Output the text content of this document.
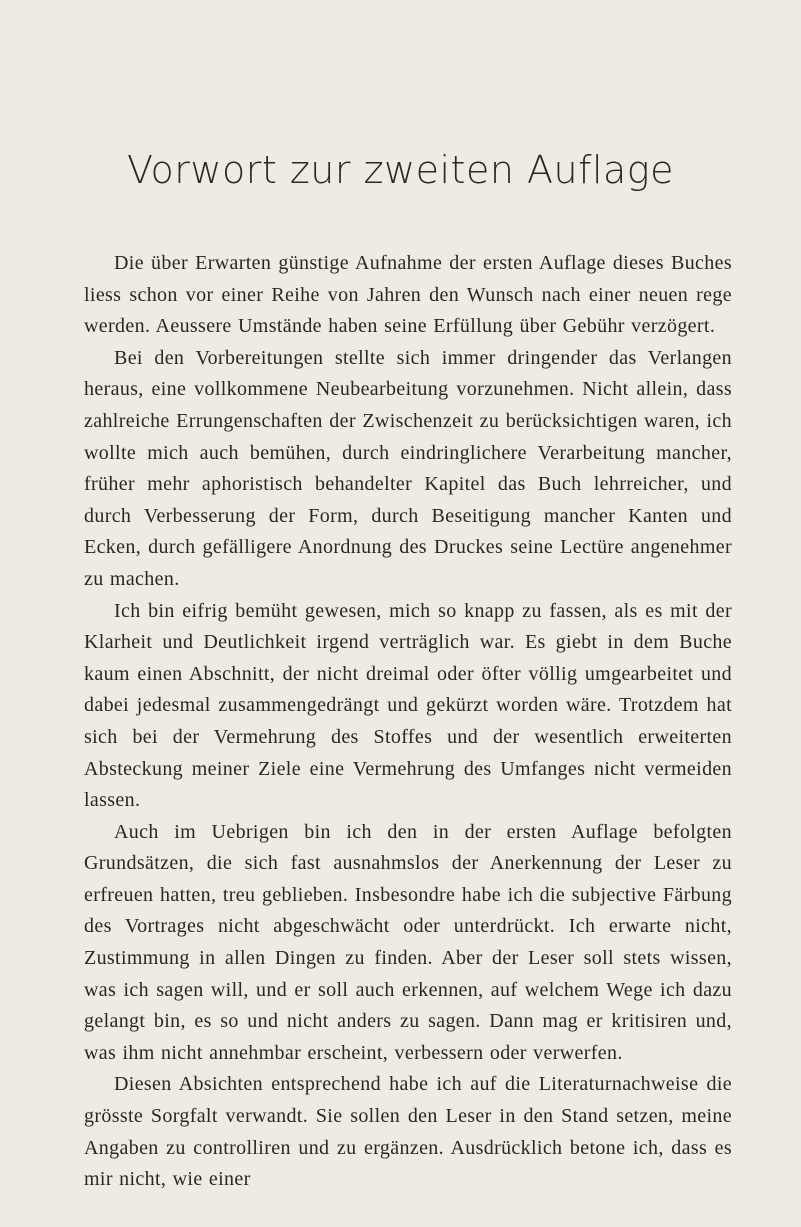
Vorwort zur zweiten Auflage

Die über Erwarten günstige Aufnahme der ersten Auflage dieses Buches liess schon vor einer Reihe von Jahren den Wunsch nach einer neuen rege werden. Aeussere Umstände haben seine Erfüllung über Gebühr verzögert.

Bei den Vorbereitungen stellte sich immer dringender das Verlangen heraus, eine vollkommene Neubearbeitung vorzunehmen. Nicht allein, dass zahlreiche Errungenschaften der Zwischenzeit zu berücksichtigen waren, ich wollte mich auch bemühen, durch eindringlichere Verarbeitung mancher, früher mehr aphoristisch behandelter Kapitel das Buch lehrreicher, und durch Verbesserung der Form, durch Beseitigung mancher Kanten und Ecken, durch gefälligere Anordnung des Druckes seine Lectüre angenehmer zu machen.

Ich bin eifrig bemüht gewesen, mich so knapp zu fassen, als es mit der Klarheit und Deutlichkeit irgend verträglich war. Es giebt in dem Buche kaum einen Abschnitt, der nicht dreimal oder öfter völlig umgearbeitet und dabei jedesmal zusammengedrängt und gekürzt worden wäre. Trotzdem hat sich bei der Vermehrung des Stoffes und der wesentlich erweiterten Absteckung meiner Ziele eine Vermehrung des Umfanges nicht vermeiden lassen.

Auch im Uebrigen bin ich den in der ersten Auflage befolgten Grundsätzen, die sich fast ausnahmslos der Anerkennung der Leser zu erfreuen hatten, treu geblieben. Insbesondre habe ich die subjective Färbung des Vortrages nicht abgeschwächt oder unterdrückt. Ich erwarte nicht, Zustimmung in allen Dingen zu finden. Aber der Leser soll stets wissen, was ich sagen will, und er soll auch erkennen, auf welchem Wege ich dazu gelangt bin, es so und nicht anders zu sagen. Dann mag er kritisiren und, was ihm nicht annehmbar erscheint, verbessern oder verwerfen.

Diesen Absichten entsprechend habe ich auf die Literaturnachweise die grösste Sorgfalt verwandt. Sie sollen den Leser in den Stand setzen, meine Angaben zu controlliren und zu ergänzen. Ausdrücklich betone ich, dass es mir nicht, wie einer
